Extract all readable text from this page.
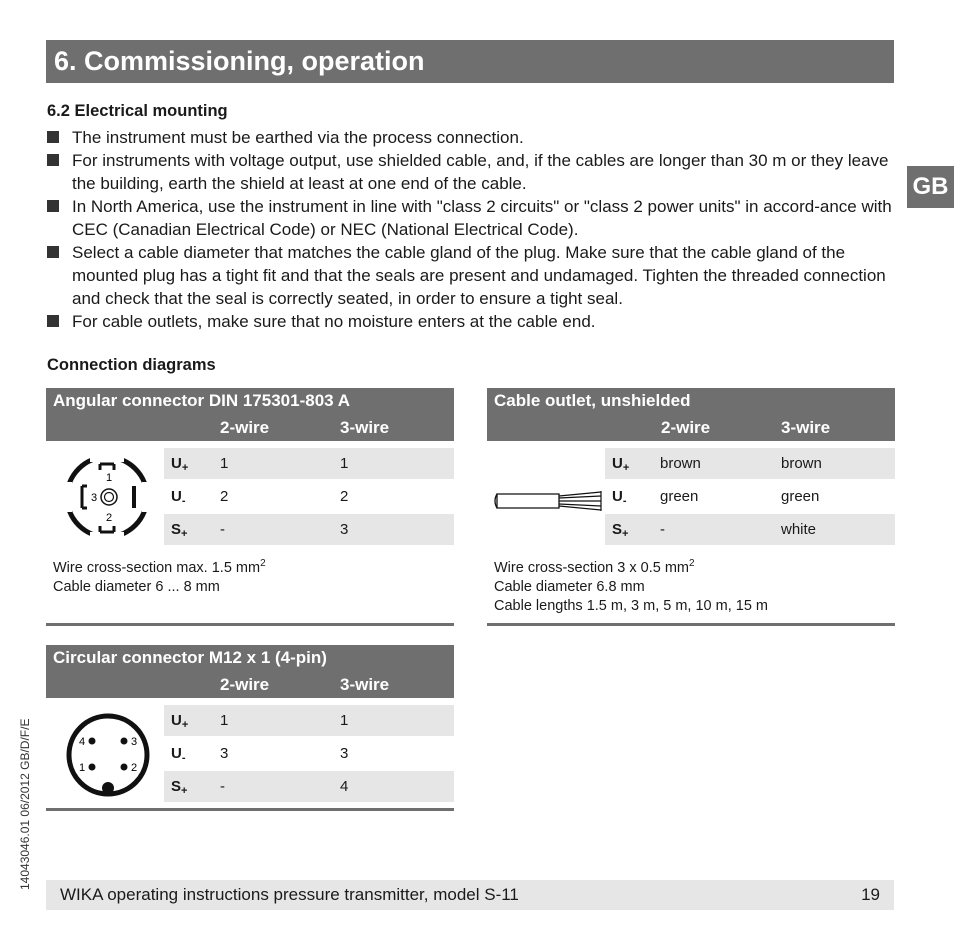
6. Commissioning, operation
GB
6.2 Electrical mounting
The instrument must be earthed via the process connection.
For instruments with voltage output, use shielded cable, and, if the cables are longer than 30 m or they leave the building, earth the shield at least at one end of the cable.
In North America, use the instrument in line with "class 2 circuits" or "class 2 power units" in accord-ance with CEC (Canadian Electrical Code) or NEC (National Electrical Code).
Select a cable diameter that matches the cable gland of the plug. Make sure that the cable gland of the mounted plug has a tight fit and that the seals are present and undamaged. Tighten the threaded connection and check that the seal is correctly seated, in order to ensure a tight seal.
For cable outlets, make sure that no moisture enters at the cable end.
Connection diagrams
Angular connector DIN 175301-803 A
2-wire	3-wire
1
2
3
$U_+$ 1	1
$U_-$ 2	2
$S_+$ -	3
Wire cross-section max. 1.5 $mm^2$
Cable diameter 6 ... 8 mm
Cable outlet, unshielded
2-wire	3-wire
$U_+$ brown	brown
$U_-$ green	green
$S_+$ -	white
Wire cross-section 3 x 0.5 $mm^2$
Cable diameter 6.8 mm
Cable lengths 1.5 m, 3 m, 5 m, 10 m, 15 m
Circular connector M12 x 1 (4-pin)
2-wire	3-wire
4	3
1	2
$U_+$ 1	1
$U_-$ 3	3
$S_+$ -	4
14043046.01 06/2012 GB/D/F/E
WIKA operating instructions pressure transmitter, model S-11	19
